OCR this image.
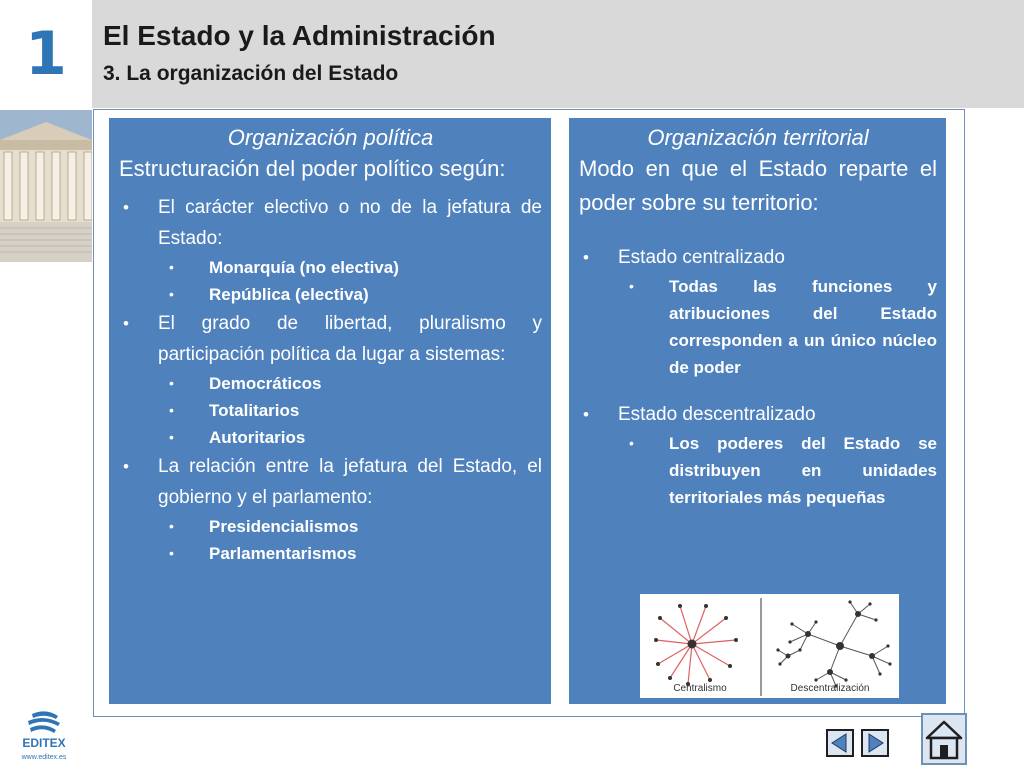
1	El Estado y la Administración
3. La organización del Estado
Organización política
Estructuración del poder político según:
• El carácter electivo o no de la jefatura de Estado:
• Monarquía (no electiva)
• República (electiva)
• El grado de libertad, pluralismo y participación política da lugar a sistemas:
• Democráticos
• Totalitarios
• Autoritarios
• La relación entre la jefatura del Estado, el gobierno y el parlamento:
• Presidencialismos
• Parlamentarismos
Organización territorial
Modo en que el Estado reparte el poder sobre su territorio:
• Estado centralizado
• Todas las funciones y atribuciones del Estado corresponden a un único núcleo de poder
• Estado descentralizado
• Los poderes del Estado se distribuyen en unidades territoriales más pequeñas
Centralismo	Descentralización
EDITEX
www.editex.es
